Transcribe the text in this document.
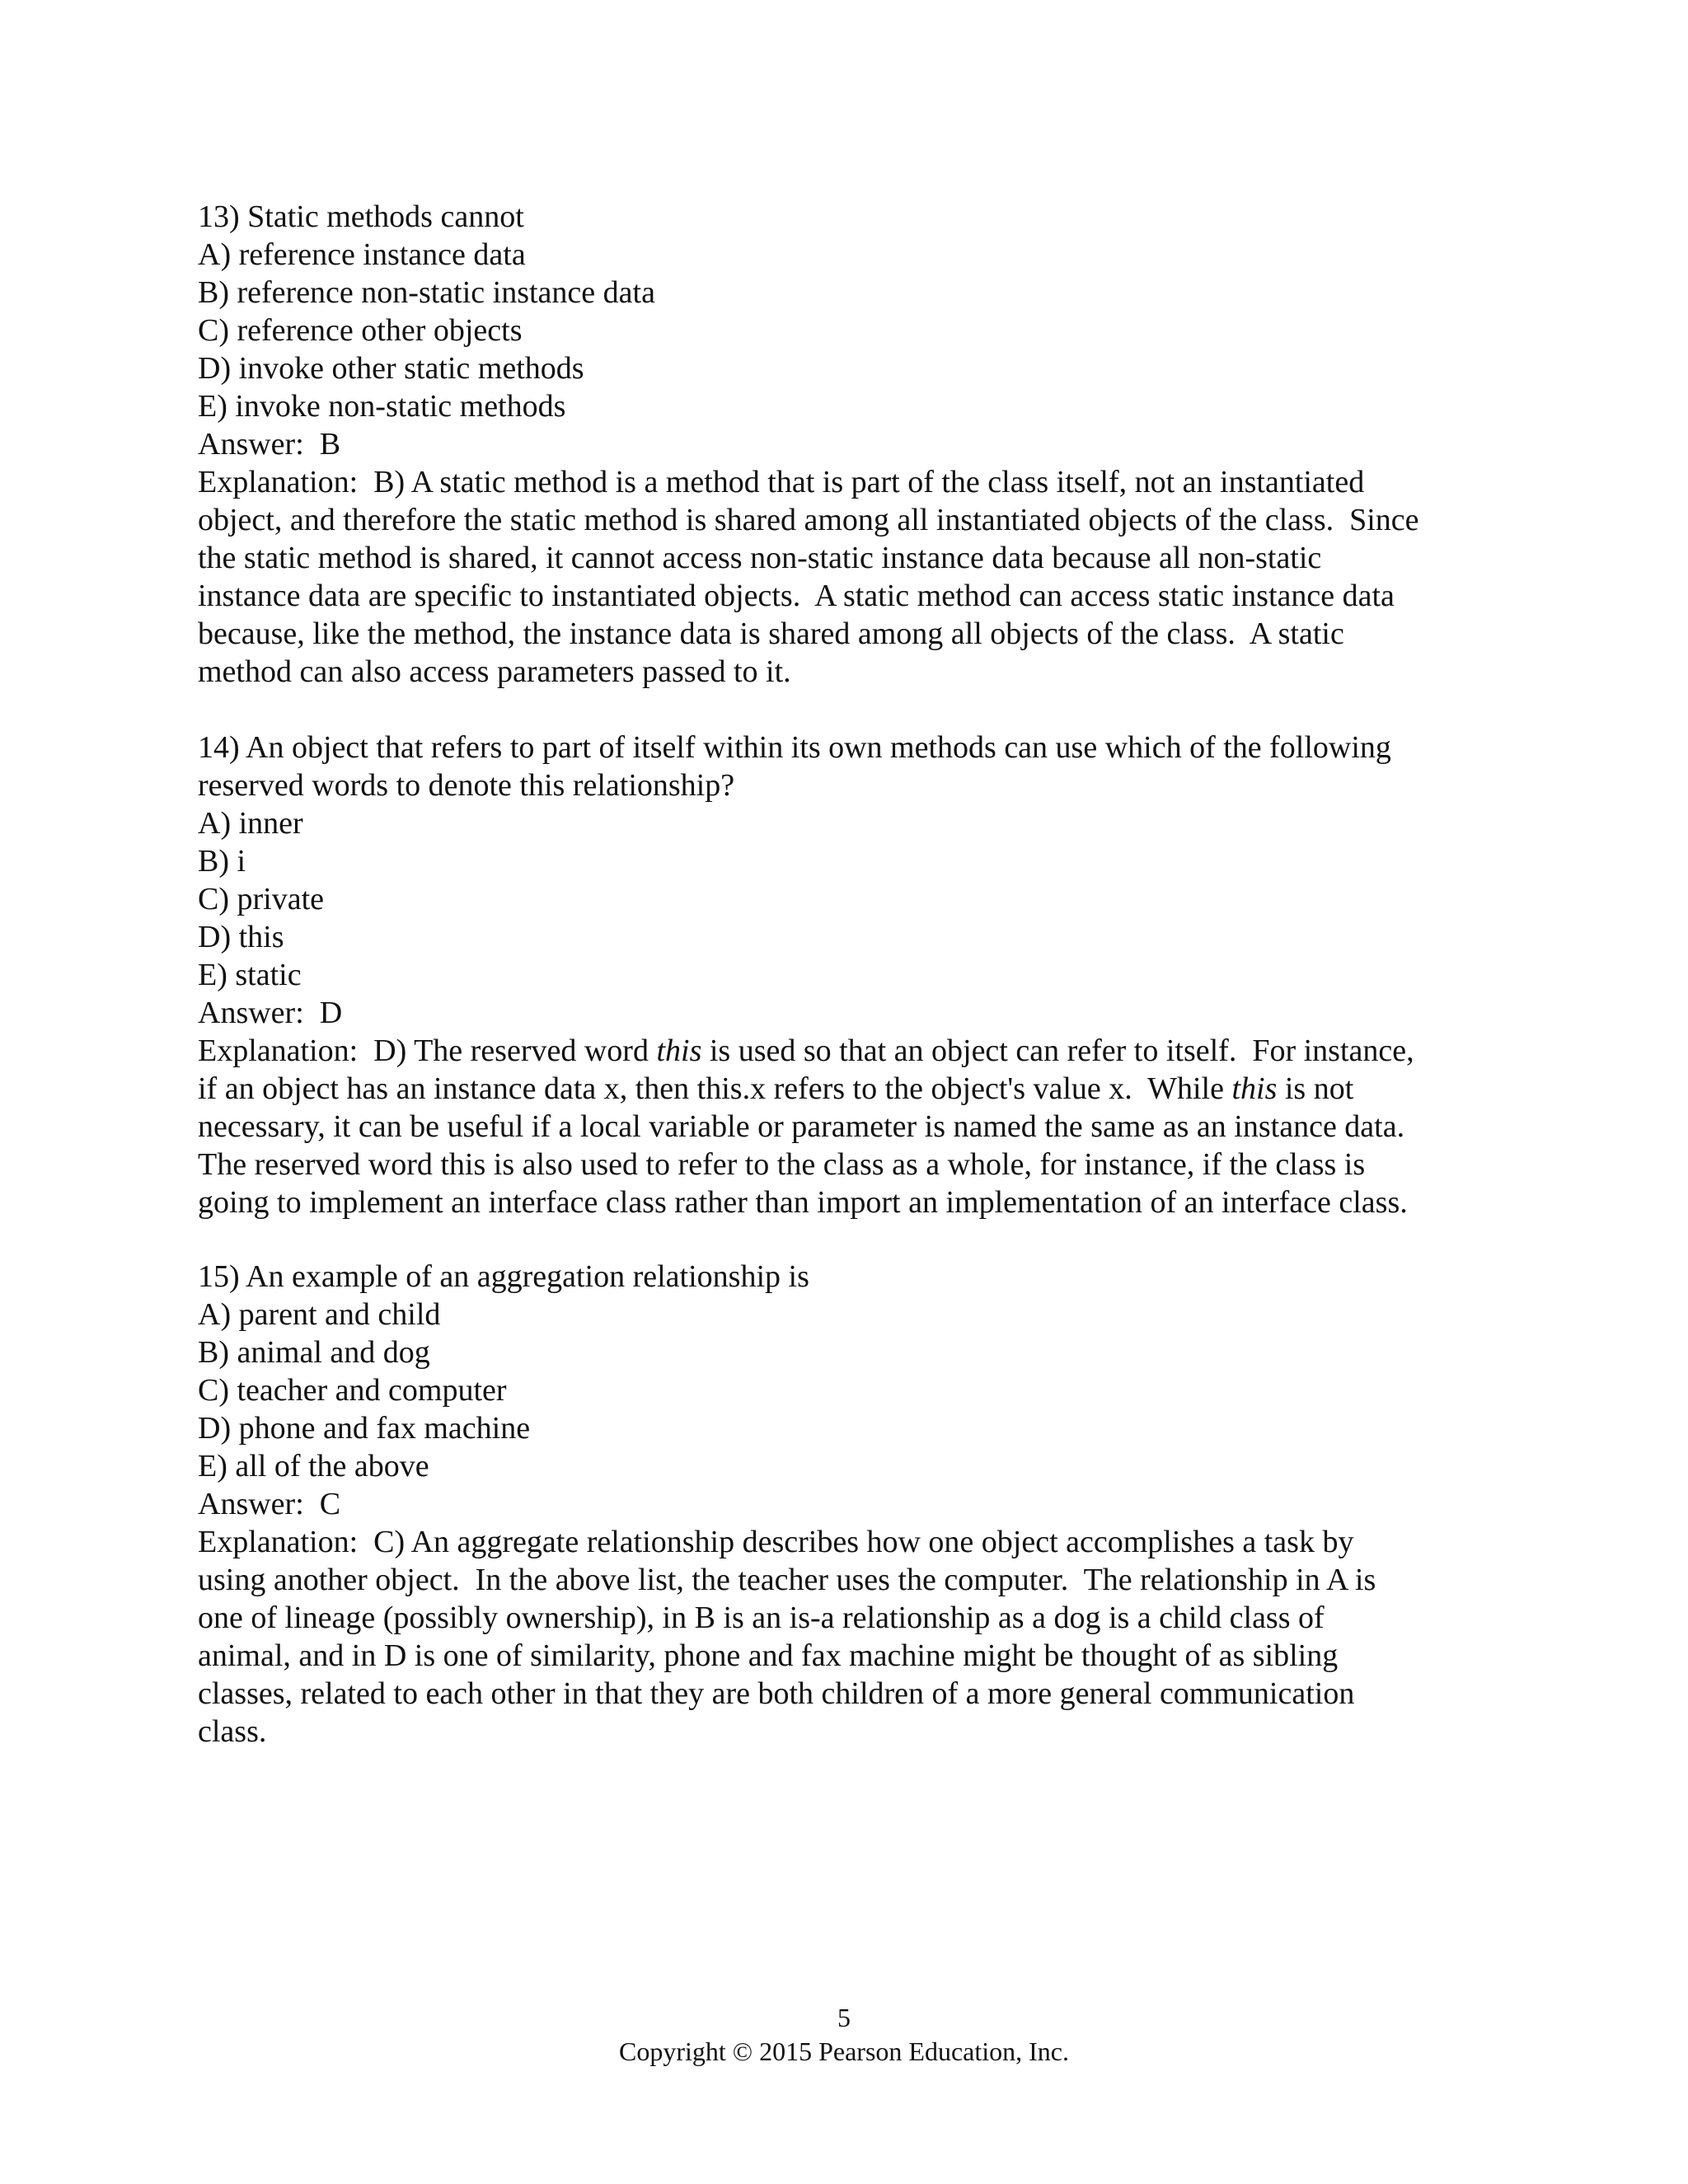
13) Static methods cannot
A) reference instance data
B) reference non-static instance data
C) reference other objects
D) invoke other static methods
E) invoke non-static methods
Answer:  B
Explanation:  B) A static method is a method that is part of the class itself, not an instantiated
object, and therefore the static method is shared among all instantiated objects of the class.  Since
the static method is shared, it cannot access non-static instance data because all non-static
instance data are specific to instantiated objects.  A static method can access static instance data
because, like the method, the instance data is shared among all objects of the class.  A static
method can also access parameters passed to it.
14) An object that refers to part of itself within its own methods can use which of the following
reserved words to denote this relationship?
A) inner
B) i
C) private
D) this
E) static
Answer:  D
Explanation:  D) The reserved word this is used so that an object can refer to itself.  For instance,
if an object has an instance data x, then this.x refers to the object's value x.  While this is not
necessary, it can be useful if a local variable or parameter is named the same as an instance data.
The reserved word this is also used to refer to the class as a whole, for instance, if the class is
going to implement an interface class rather than import an implementation of an interface class.
15) An example of an aggregation relationship is
A) parent and child
B) animal and dog
C) teacher and computer
D) phone and fax machine
E) all of the above
Answer:  C
Explanation:  C) An aggregate relationship describes how one object accomplishes a task by
using another object.  In the above list, the teacher uses the computer.  The relationship in A is
one of lineage (possibly ownership), in B is an is-a relationship as a dog is a child class of
animal, and in D is one of similarity, phone and fax machine might be thought of as sibling
classes, related to each other in that they are both children of a more general communication
class.
5
Copyright © 2015 Pearson Education, Inc.
